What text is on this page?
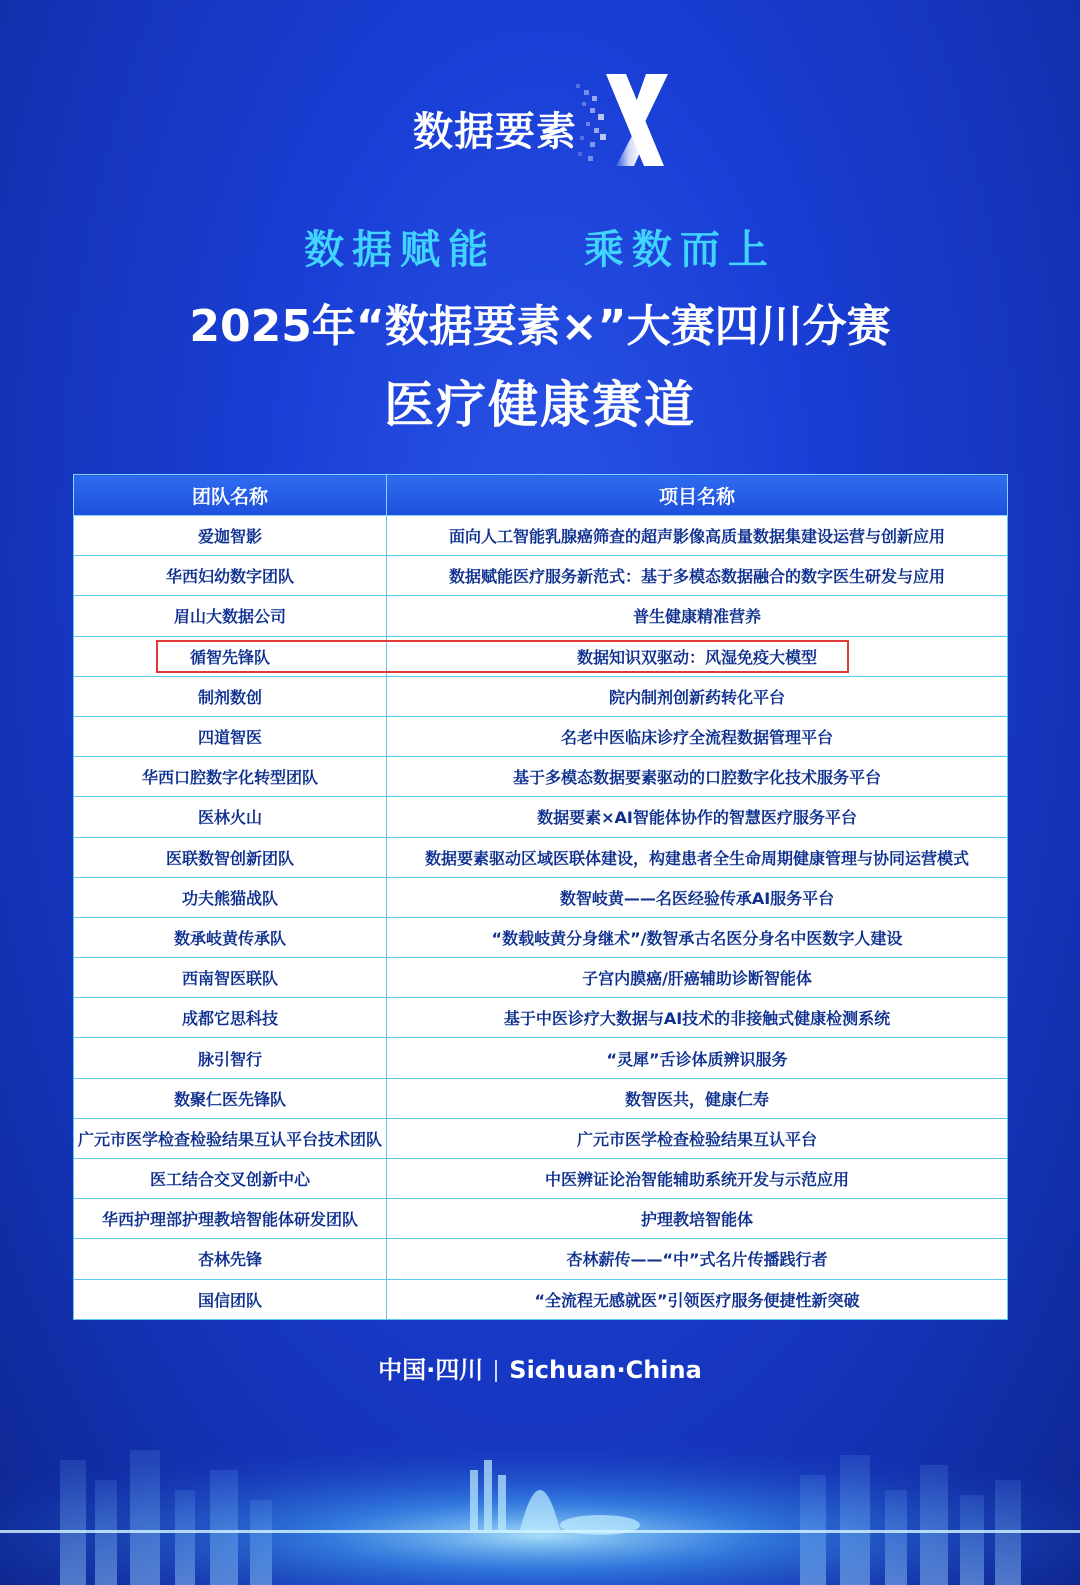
数据要素
数据赋能    乘数而上
2025年“数据要素×”大赛四川分赛
医疗健康赛道
团队名称	项目名称
爱迦智影	面向人工智能乳腺癌筛查的超声影像高质量数据集建设运营与创新应用
华西妇幼数字团队	数据赋能医疗服务新范式：基于多模态数据融合的数字医生研发与应用
眉山大数据公司	普生健康精准营养
循智先锋队	数据知识双驱动：风湿免疫大模型
制剂数创	院内制剂创新药转化平台
四道智医	名老中医临床诊疗全流程数据管理平台
华西口腔数字化转型团队	基于多模态数据要素驱动的口腔数字化技术服务平台
医林火山	数据要素×AI智能体协作的智慧医疗服务平台
医联数智创新团队	数据要素驱动区域医联体建设，构建患者全生命周期健康管理与协同运营模式
功夫熊猫战队	数智岐黄——名医经验传承AI服务平台
数承岐黄传承队	“数载岐黄分身继术”/数智承古名医分身名中医数字人建设
西南智医联队	子宫内膜癌/肝癌辅助诊断智能体
成都它思科技	基于中医诊疗大数据与AI技术的非接触式健康检测系统
脉引智行	“灵犀”舌诊体质辨识服务
数聚仁医先锋队	数智医共，健康仁寿
广元市医学检查检验结果互认平台技术团队	广元市医学检查检验结果互认平台
医工结合交叉创新中心	中医辨证论治智能辅助系统开发与示范应用
华西护理部护理教培智能体研发团队	护理教培智能体
杏林先锋	杏林薪传——“中”式名片传播践行者
国信团队	“全流程无感就医”引领医疗服务便捷性新突破
中国·四川 Sichuan·China
